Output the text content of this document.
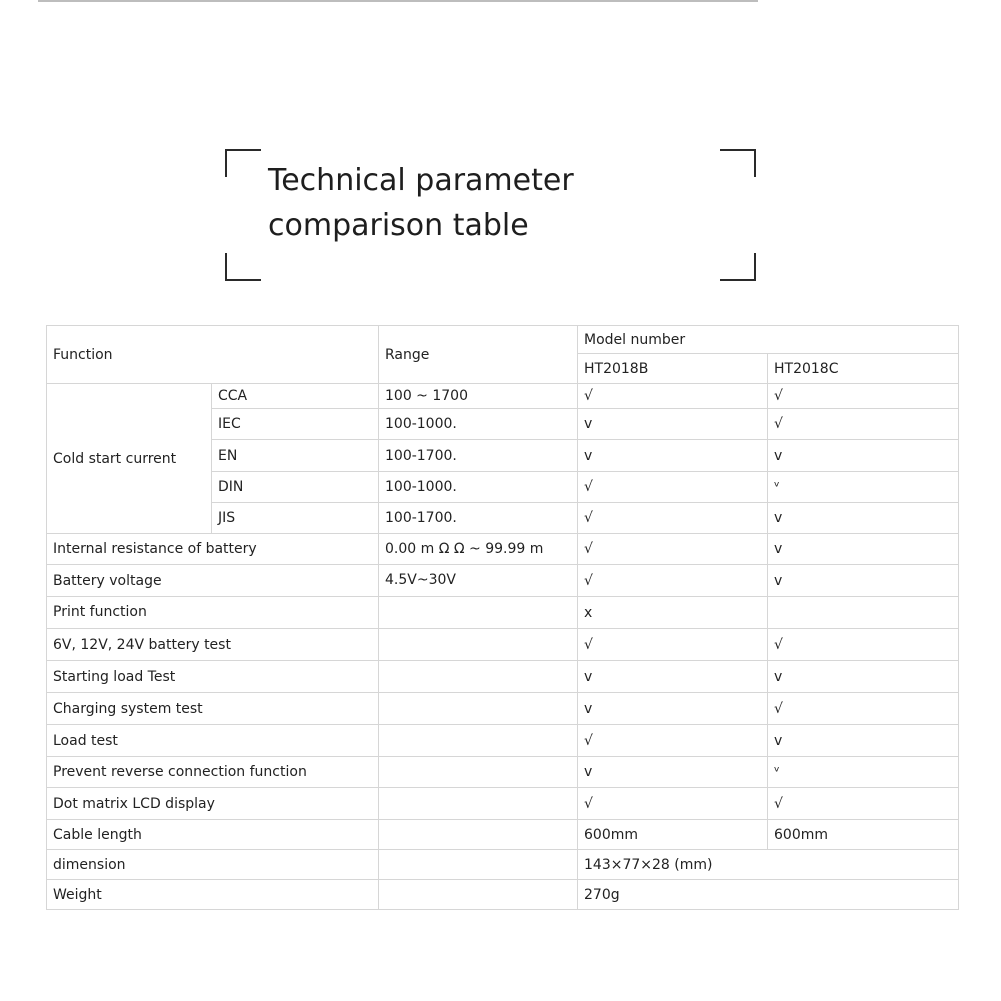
Technical parameter
comparison table
Function		Range	Model number	
			HT2018B	HT2018C
Cold start current	CCA	100 ~ 1700	√	√
	IEC	100-1000.	v	√
	EN	100-1700.	v	v
	DIN	100-1000.	√	ᵛ
	JIS	100-1700.	√	v
Internal resistance of battery		0.00 m Ω Ω ~ 99.99 m	√	v
Battery voltage		4.5V~30V	√	v
Print function			x	
6V, 12V, 24V battery test			√	√
Starting load Test			v	v
Charging system test			v	√
Load test			√	v
Prevent reverse connection function			v	ᵛ
Dot matrix LCD display			√	√
Cable length			600mm	600mm
dimension			143×77×28 (mm)	
Weight			270g	
